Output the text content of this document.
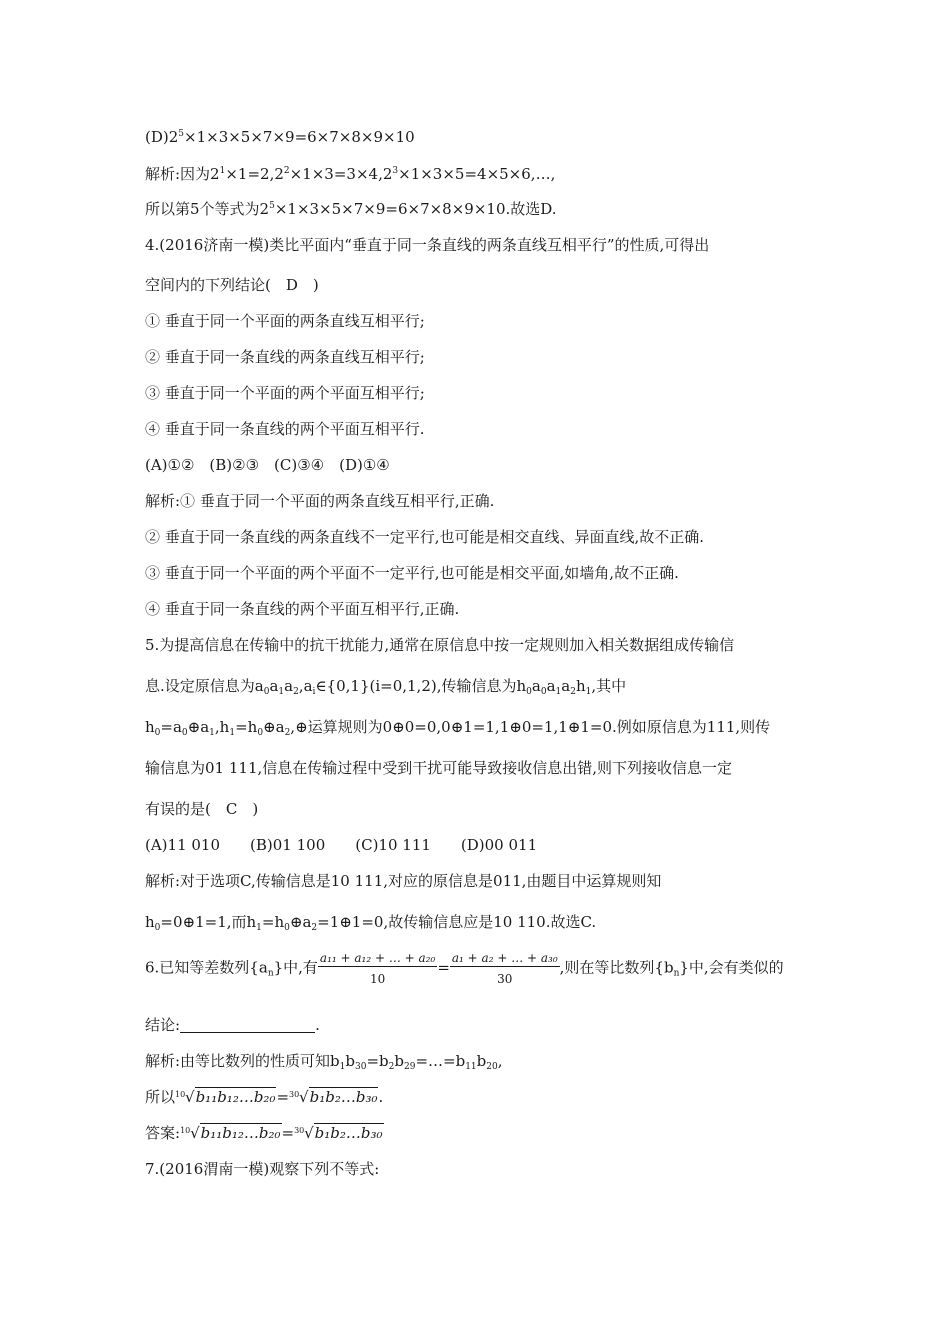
$(D)2^5\times 1\times 3\times 5\times 7\times 9=6\times 7\times 8\times 9\times 10$
解析:因为$2^1\times 1=2,2^2\times 1\times 3=3\times 4,2^3\times 1\times 3\times 5=4\times 5\times 6,\dots$,
所以第5个等式为$2^5\times 1\times 3\times 5\times 7\times 9=6\times 7\times 8\times 9\times 10$.故选D.
4.(2016济南一模)类比平面内“垂直于同一条直线的两条直线互相平行”的性质,可得出
空间内的下列结论(　D　)
① 垂直于同一个平面的两条直线互相平行;
② 垂直于同一条直线的两条直线互相平行;
③ 垂直于同一个平面的两个平面互相平行;
④ 垂直于同一条直线的两个平面互相平行.
(A)①②　(B)②③　(C)③④　(D)①④
解析:① 垂直于同一个平面的两条直线互相平行,正确.
② 垂直于同一条直线的两条直线不一定平行,也可能是相交直线、异面直线,故不正确.
③ 垂直于同一个平面的两个平面不一定平行,也可能是相交平面,如墙角,故不正确.
④ 垂直于同一条直线的两个平面互相平行,正确.
5.为提高信息在传输中的抗干扰能力,通常在原信息中按一定规则加入相关数据组成传输信
息.设定原信息为$a_0a_1a_2,a_i\in\{0,1\}(i=0,1,2)$,传输信息为$h_0a_0a_1a_2h_1$,其中
$h_0=a_0\oplus a_1,h_1=h_0\oplus a_2,\oplus$运算规则为0⊕0=0,0⊕1=1,1⊕0=1,1⊕1=0.例如原信息为111,则传
输信息为01 111,信息在传输过程中受到干扰可能导致接收信息出错,则下列接收信息一定
有误的是(　C　)
(A)11 010　　(B)01 100　　(C)10 111　　(D)00 011
解析:对于选项C,传输信息是10 111,对应的原信息是011,由题目中运算规则知
$h_0=0\oplus 1=1$,而$h_1=h_0\oplus a_2=1\oplus 1=0$,故传输信息应是10 110.故选C.
6.已知等差数列$\{a_n\}$中,有 $\frac{\text{a₁₁ + a₁₂ + … + a₂₀}}{10} = \frac{\text{a₁ + a₂ + … + a₃₀}}{30}$ ,则在等比数列$\{b_n\}$中,会有类似的
结论:	.
解析:由等比数列的性质可知$b_1b_{30}=b_2b_{29}=\dots=b_{11}b_{20}$,
所以 10 √b₁₁b₁₂…b₂₀= 30 √b₁b₂…b₃₀.
答案: 10 √b₁₁b₁₂…b₂₀= 30 √b₁b₂…b₃₀
7.(2016渭南一模)观察下列不等式:
